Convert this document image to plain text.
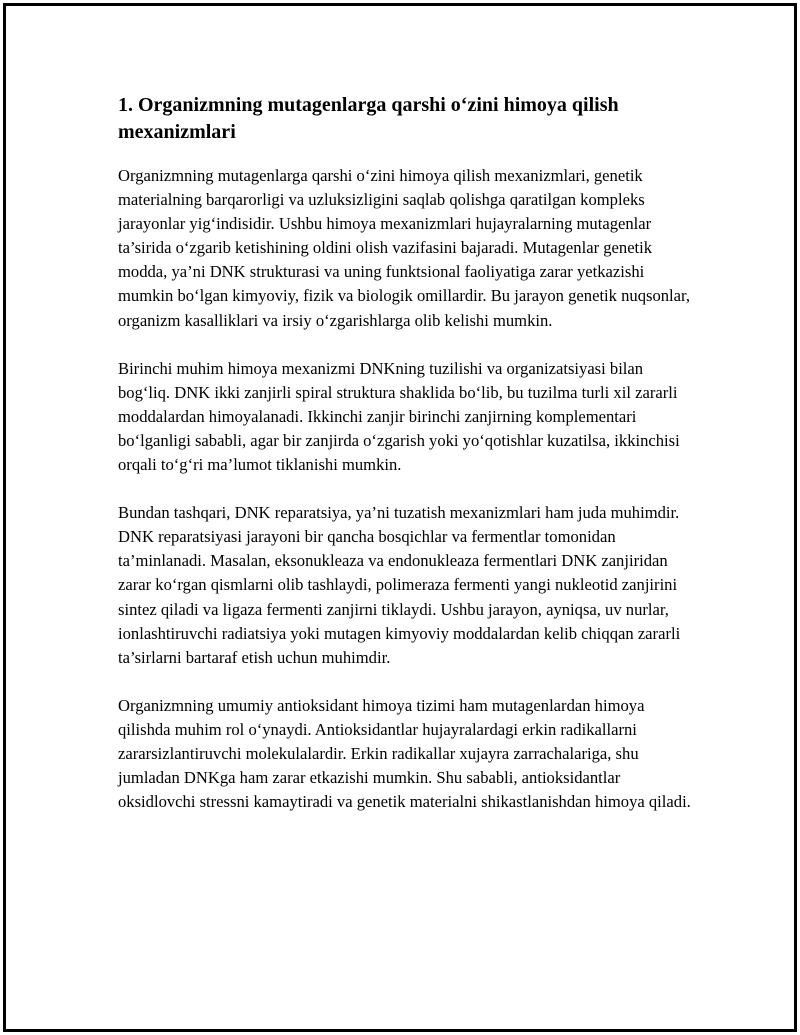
1. Organizmning mutagenlarga qarshi o‘zini himoya qilish mexanizmlari

Organizmning mutagenlarga qarshi o‘zini himoya qilish mexanizmlari, genetik materialning barqarorligi va uzluksizligini saqlab qolishga qaratilgan kompleks jarayonlar yig‘indisidir. Ushbu himoya mexanizmlari hujayralarning mutagenlar ta’sirida o‘zgarib ketishining oldini olish vazifasini bajaradi. Mutagenlar genetik modda, ya’ni DNK strukturasi va uning funktsional faoliyatiga zarar yetkazishi mumkin bo‘lgan kimyoviy, fizik va biologik omillardir. Bu jarayon genetik nuqsonlar, organizm kasalliklari va irsiy o‘zgarishlarga olib kelishi mumkin.

Birinchi muhim himoya mexanizmi DNKning tuzilishi va organizatsiyasi bilan bog‘liq. DNK ikki zanjirli spiral struktura shaklida bo‘lib, bu tuzilma turli xil zararli moddalardan himoyalanadi. Ikkinchi zanjir birinchi zanjirning komplementari bo‘lganligi sababli, agar bir zanjirda o‘zgarish yoki yo‘qotishlar kuzatilsa, ikkinchisi orqali to‘g‘ri ma’lumot tiklanishi mumkin.

Bundan tashqari, DNK reparatsiya, ya’ni tuzatish mexanizmlari ham juda muhimdir. DNK reparatsiyasi jarayoni bir qancha bosqichlar va fermentlar tomonidan ta’minlanadi. Masalan, eksonukleaza va endonukleaza fermentlari DNK zanjiridan zarar ko‘rgan qismlarni olib tashlaydi, polimeraza fermenti yangi nukleotid zanjirini sintez qiladi va ligaza fermenti zanjirni tiklaydi. Ushbu jarayon, ayniqsa, uv nurlar, ionlashtiruvchi radiatsiya yoki mutagen kimyoviy moddalardan kelib chiqqan zararli ta’sirlarni bartaraf etish uchun muhimdir.

Organizmning umumiy antioksidant himoya tizimi ham mutagenlardan himoya qilishda muhim rol o‘ynaydi. Antioksidantlar hujayralardagi erkin radikallarni zararsizlantiruvchi molekulalardir. Erkin radikallar xujayra zarrachalariga, shu jumladan DNKga ham zarar etkazishi mumkin. Shu sababli, antioksidantlar oksidlovchi stressni kamaytiradi va genetik materialni shikastlanishdan himoya qiladi.
